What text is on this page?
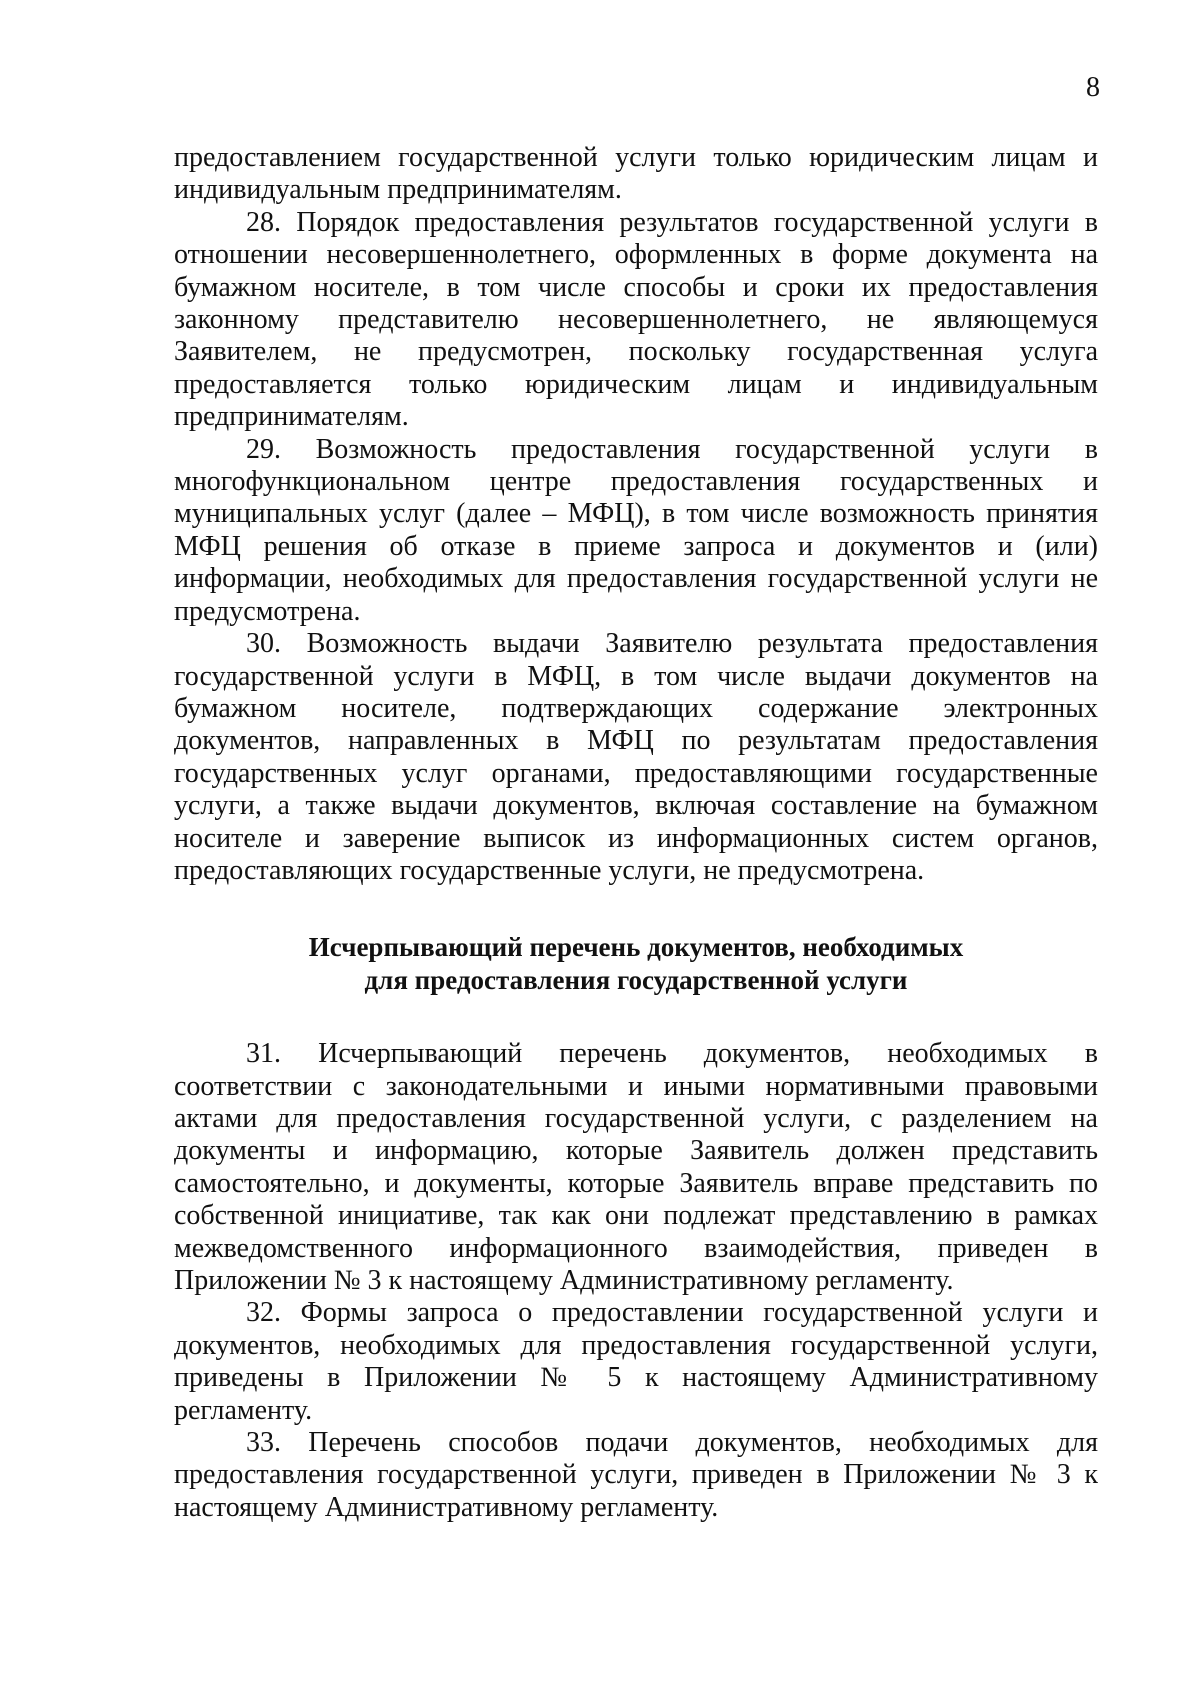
8

предоставлением государственной услуги только юридическим лицам и индивидуальным предпринимателям.

28. Порядок предоставления результатов государственной услуги в отношении несовершеннолетнего, оформленных в форме документа на бумажном носителе, в том числе способы и сроки их предоставления законному представителю несовершеннолетнего, не являющемуся Заявителем, не предусмотрен, поскольку государственная услуга предоставляется только юридическим лицам и индивидуальным предпринимателям.

29. Возможность предоставления государственной услуги в многофункциональном центре предоставления государственных и муниципальных услуг (далее – МФЦ), в том числе возможность принятия МФЦ решения об отказе в приеме запроса и документов и (или) информации, необходимых для предоставления государственной услуги не предусмотрена.

30. Возможность выдачи Заявителю результата предоставления государственной услуги в МФЦ, в том числе выдачи документов на бумажном носителе, подтверждающих содержание электронных документов, направленных в МФЦ по результатам предоставления государственных услуг органами, предоставляющими государственные услуги, а также выдачи документов, включая составление на бумажном носителе и заверение выписок из информационных систем органов, предоставляющих государственные услуги, не предусмотрена.

Исчерпывающий перечень документов, необходимых
для предоставления государственной услуги

31. Исчерпывающий перечень документов, необходимых в соответствии с законодательными и иными нормативными правовыми актами для предоставления государственной услуги, с разделением на документы и информацию, которые Заявитель должен представить самостоятельно, и документы, которые Заявитель вправе представить по собственной инициативе, так как они подлежат представлению в рамках межведомственного информационного взаимодействия, приведен в Приложении № 3 к настоящему Административному регламенту.

32. Формы запроса о предоставлении государственной услуги и документов, необходимых для предоставления государственной услуги, приведены в Приложении № 5 к настоящему Административному регламенту.

33. Перечень способов подачи документов, необходимых для предоставления государственной услуги, приведен в Приложении № 3 к настоящему Административному регламенту.
